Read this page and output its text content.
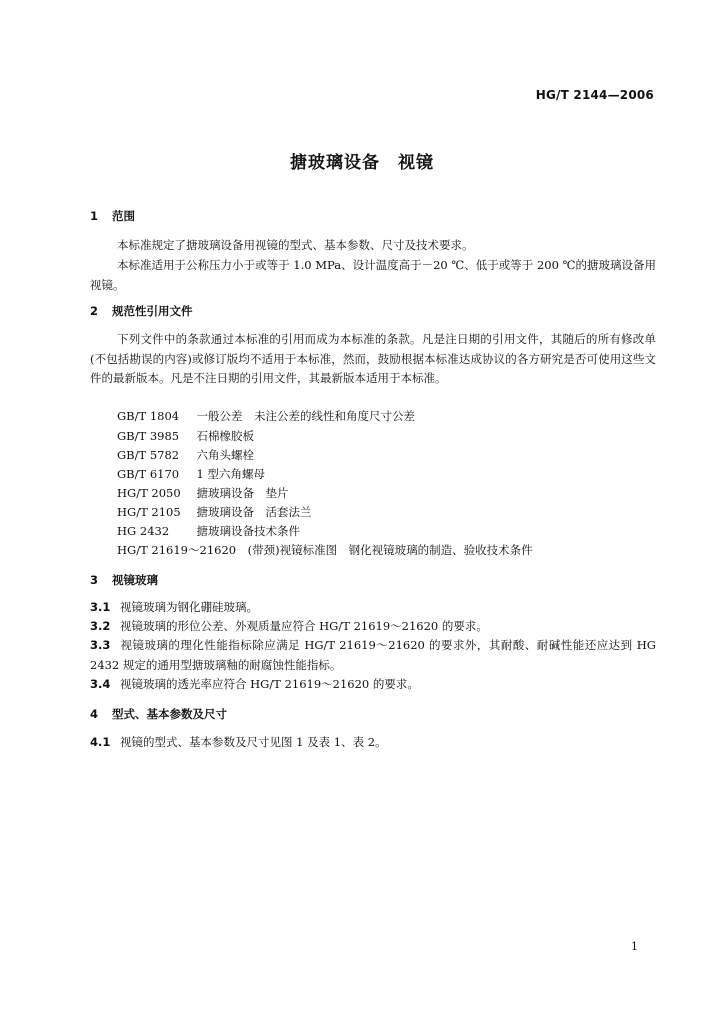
HG/T 2144—2006
搪玻璃设备　视镜
1 范围
本标准规定了搪玻璃设备用视镜的型式、基本参数、尺寸及技术要求。
本标准适用于公称压力小于或等于 1.0 MPa、设计温度高于－20 ℃、低于或等于 200 ℃的搪玻璃设备用视镜。
2 规范性引用文件
下列文件中的条款通过本标准的引用而成为本标准的条款。凡是注日期的引用文件，其随后的所有修改单(不包括勘误的内容)或修订版均不适用于本标准，然而，鼓励根据本标准达成协议的各方研究是否可使用这些文件的最新版本。凡是不注日期的引用文件，其最新版本适用于本标准。
GB/T 1804　 一般公差　未注公差的线性和角度尺寸公差
GB/T 3985　 石棉橡胶板
GB/T 5782　 六角头螺栓
GB/T 6170　 1 型六角螺母
HG/T 2050　 搪玻璃设备　垫片
HG/T 2105　 搪玻璃设备　活套法兰
HG 2432　 搪玻璃设备技术条件
HG/T 21619～21620　 (带颈)视镜标准图　钢化视镜玻璃的制造、验收技术条件
3 视镜玻璃
3.1 视镜玻璃为钢化硼硅玻璃。
3.2 视镜玻璃的形位公差、外观质量应符合 HG/T 21619～21620 的要求。
3.3 视镜玻璃的理化性能指标除应满足 HG/T 21619～21620 的要求外，其耐酸、耐碱性能还应达到 HG 2432 规定的通用型搪玻璃釉的耐腐蚀性能指标。
3.4 视镜玻璃的透光率应符合 HG/T 21619～21620 的要求。
4 型式、基本参数及尺寸
4.1 视镜的型式、基本参数及尺寸见图 1 及表 1、表 2。
1
